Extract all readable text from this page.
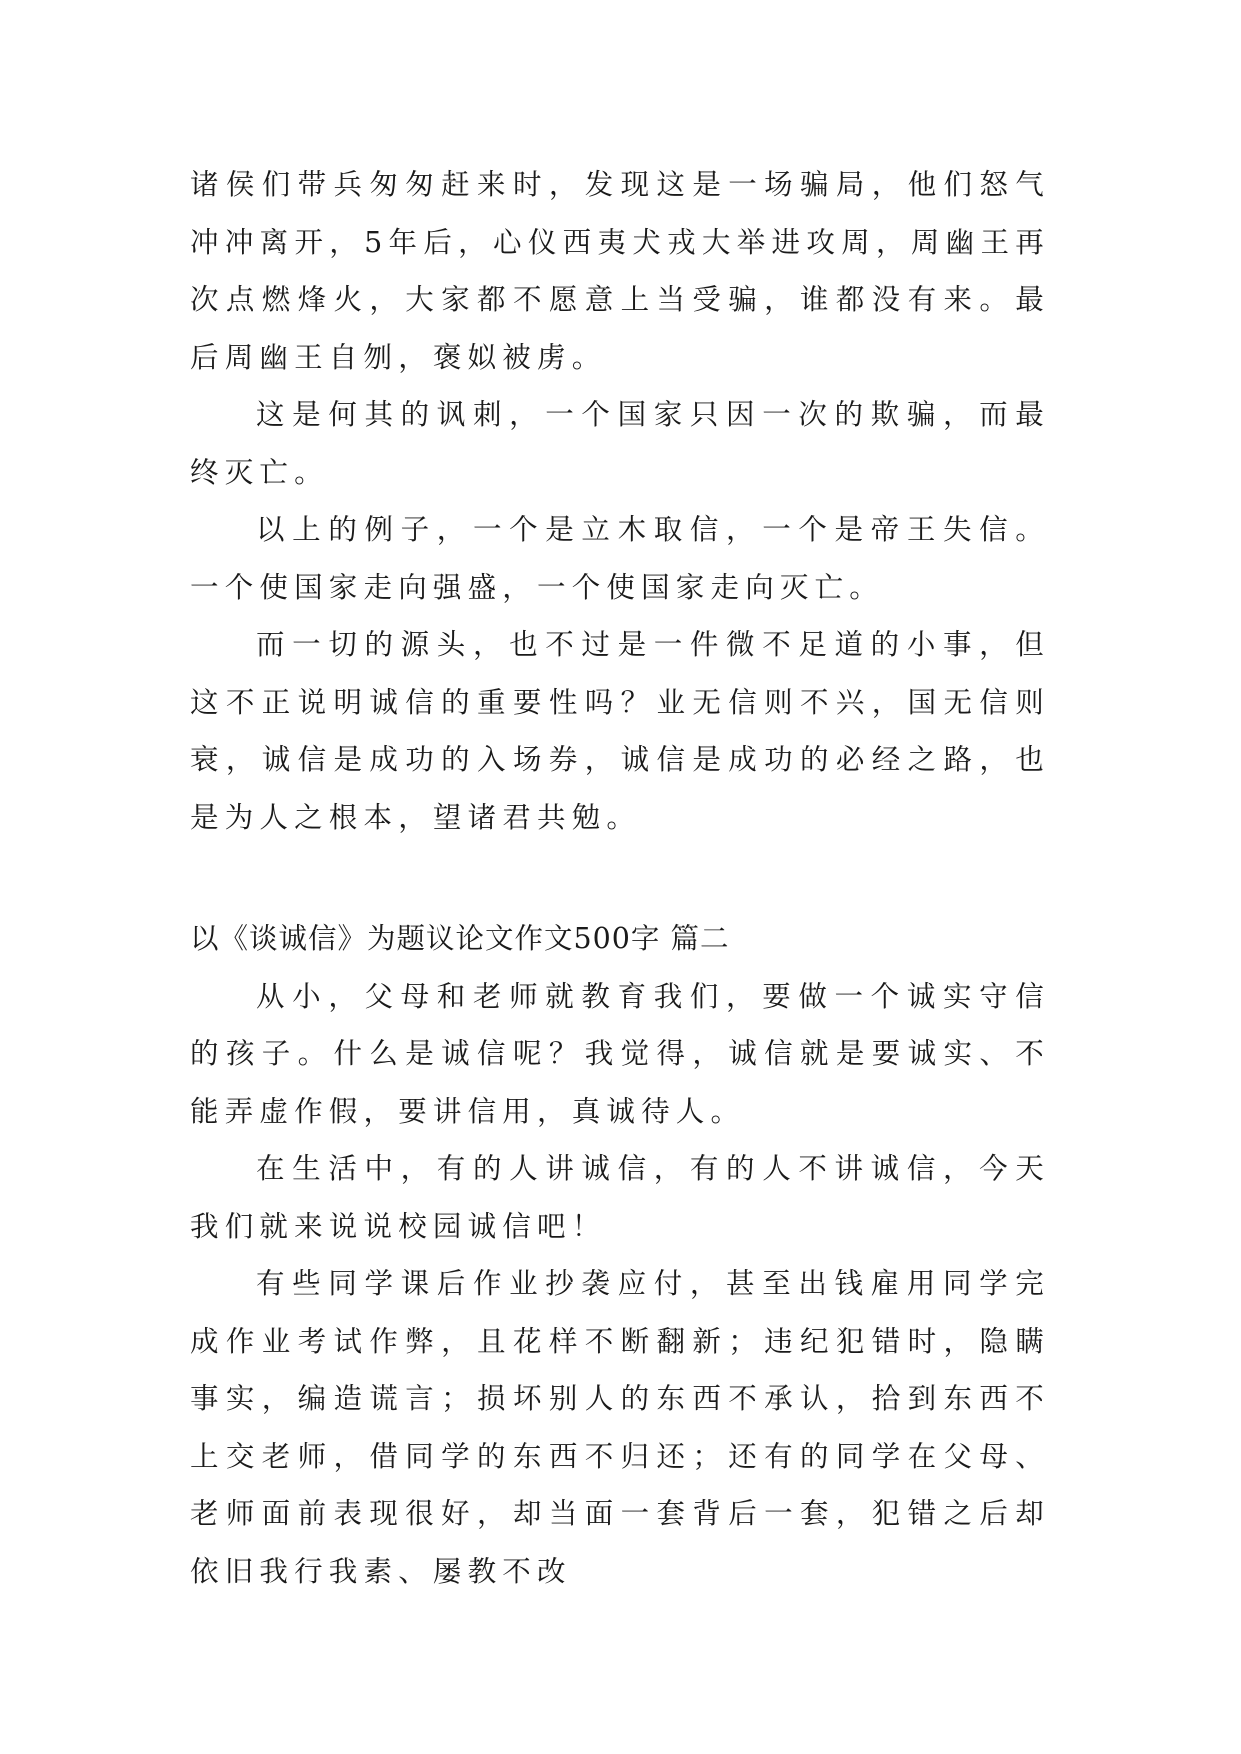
诸侯们带兵匆匆赶来时，发现这是一场骗局，他们怒气冲冲离开，5年后，心仪西夷犬戎大举进攻周，周幽王再次点燃烽火，大家都不愿意上当受骗，谁都没有来。最后周幽王自刎，褒姒被虏。

这是何其的讽刺，一个国家只因一次的欺骗，而最终灭亡。

以上的例子，一个是立木取信，一个是帝王失信。一个使国家走向强盛，一个使国家走向灭亡。

而一切的源头，也不过是一件微不足道的小事，但这不正说明诚信的重要性吗？业无信则不兴，国无信则衰，诚信是成功的入场券，诚信是成功的必经之路，也是为人之根本，望诸君共勉。

以《谈诚信》为题议论文作文500字 篇二

从小，父母和老师就教育我们，要做一个诚实守信的孩子。什么是诚信呢？我觉得，诚信就是要诚实、不能弄虚作假，要讲信用，真诚待人。

在生活中，有的人讲诚信，有的人不讲诚信，今天我们就来说说校园诚信吧！

有些同学课后作业抄袭应付，甚至出钱雇用同学完成作业考试作弊，且花样不断翻新；违纪犯错时，隐瞒事实，编造谎言；损坏别人的东西不承认，拾到东西不上交老师，借同学的东西不归还；还有的同学在父母、老师面前表现很好，却当面一套背后一套，犯错之后却依旧我行我素、屡教不改
